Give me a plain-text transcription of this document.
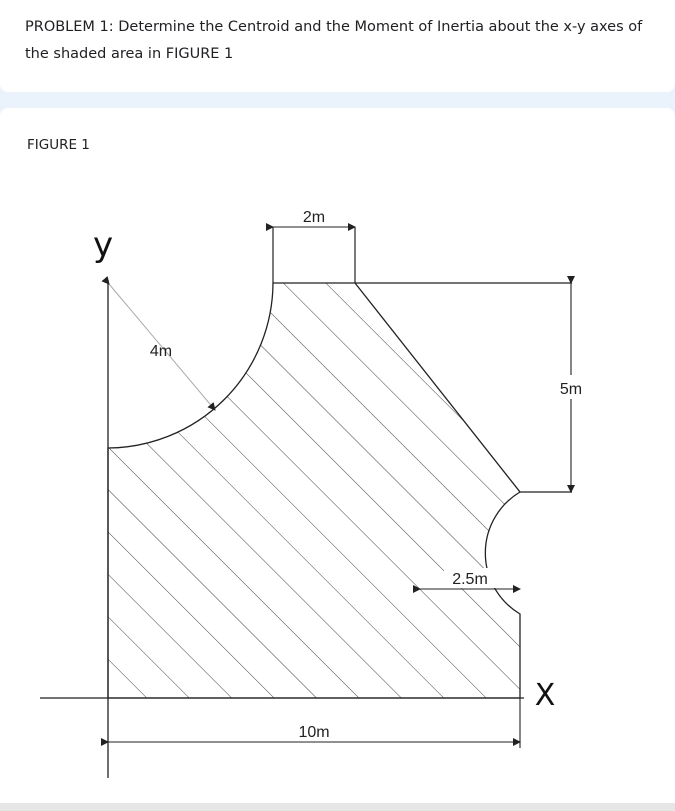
PROBLEM 1: Determine the Centroid and the Moment of Inertia about the x-y axes of the shaded area in FIGURE 1
FIGURE 1
2m
4m
5m
2.5m
10m
y
X
